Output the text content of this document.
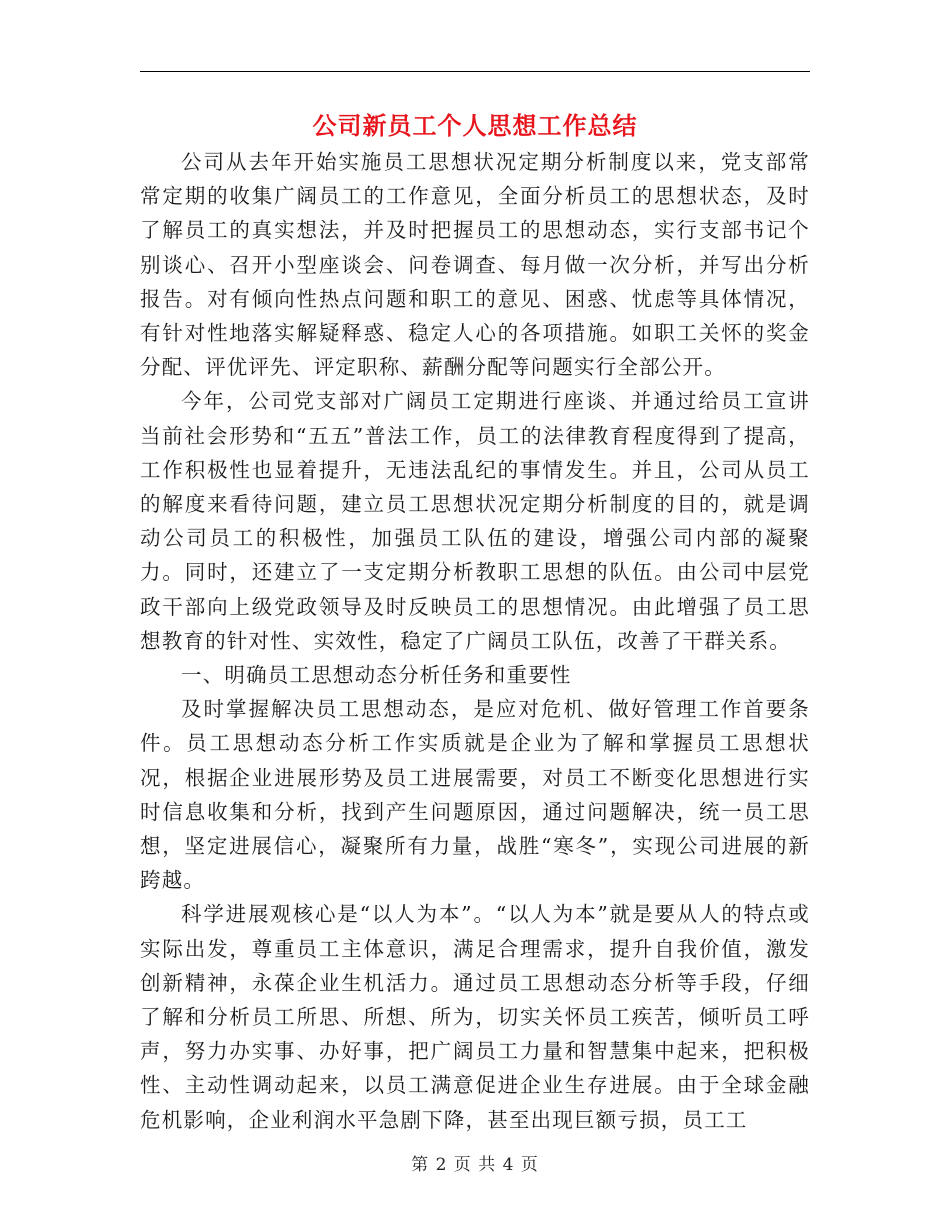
公司新员工个人思想工作总结

公司从去年开始实施员工思想状况定期分析制度以来，党支部常常定期的收集广阔员工的工作意见，全面分析员工的思想状态，及时了解员工的真实想法，并及时把握员工的思想动态，实行支部书记个别谈心、召开小型座谈会、问卷调查、每月做一次分析，并写出分析报告。对有倾向性热点问题和职工的意见、困惑、忧虑等具体情况，有针对性地落实解疑释惑、稳定人心的各项措施。如职工关怀的奖金分配、评优评先、评定职称、薪酬分配等问题实行全部公开。

今年，公司党支部对广阔员工定期进行座谈、并通过给员工宣讲当前社会形势和“五五”普法工作，员工的法律教育程度得到了提高，工作积极性也显着提升，无违法乱纪的事情发生。并且，公司从员工的解度来看待问题，建立员工思想状况定期分析制度的目的，就是调动公司员工的积极性，加强员工队伍的建设，增强公司内部的凝聚力。同时，还建立了一支定期分析教职工思想的队伍。由公司中层党政干部向上级党政领导及时反映员工的思想情况。由此增强了员工思想教育的针对性、实效性，稳定了广阔员工队伍，改善了干群关系。

一、明确员工思想动态分析任务和重要性

及时掌握解决员工思想动态，是应对危机、做好管理工作首要条件。员工思想动态分析工作实质就是企业为了解和掌握员工思想状况，根据企业进展形势及员工进展需要，对员工不断变化思想进行实时信息收集和分析，找到产生问题原因，通过问题解决，统一员工思想，坚定进展信心，凝聚所有力量，战胜“寒冬”，实现公司进展的新跨越。

科学进展观核心是“以人为本”。“以人为本”就是要从人的特点或实际出发，尊重员工主体意识，满足合理需求，提升自我价值，激发创新精神，永葆企业生机活力。通过员工思想动态分析等手段，仔细了解和分析员工所思、所想、所为，切实关怀员工疾苦，倾听员工呼声，努力办实事、办好事，把广阔员工力量和智慧集中起来，把积极性、主动性调动起来，以员工满意促进企业生存进展。由于全球金融危机影响，企业利润水平急剧下降，甚至出现巨额亏损，员工工

第 2 页 共 4 页
